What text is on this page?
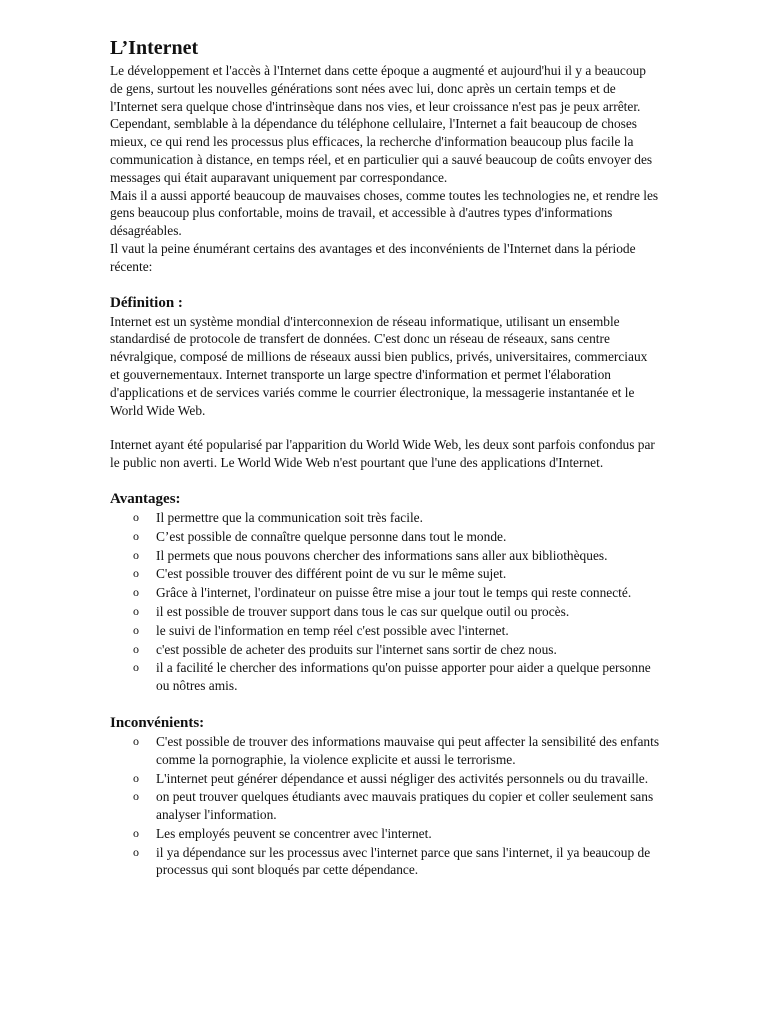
L’Internet

Le développement et l'accès à l'Internet dans cette époque a augmenté et aujourd'hui il y a beaucoup de gens, surtout les nouvelles générations sont nées avec lui, donc après un certain temps et de l'Internet sera quelque chose d'intrinsèque dans nos vies, et leur croissance n'est pas je peux arrêter.

Cependant, semblable à la dépendance du téléphone cellulaire, l'Internet a fait beaucoup de choses mieux, ce qui rend les processus plus efficaces, la recherche d'information beaucoup plus facile la communication à distance, en temps réel, et en particulier qui a sauvé beaucoup de coûts envoyer des messages qui était auparavant uniquement par correspondance.

Mais il a aussi apporté beaucoup de mauvaises choses, comme toutes les technologies ne, et rendre les gens beaucoup plus confortable, moins de travail, et accessible à d'autres types d'informations désagréables.

Il vaut la peine énumérant certains des avantages et des inconvénients de l'Internet dans la période récente:

Définition :

Internet est un système mondial d'interconnexion de réseau informatique, utilisant un ensemble standardisé de protocole de transfert de données. C'est donc un réseau de réseaux, sans centre névralgique, composé de millions de réseaux aussi bien publics, privés, universitaires, commerciaux et gouvernementaux. Internet transporte un large spectre d'information et permet l'élaboration d'applications et de services variés comme le courrier électronique, la messagerie instantanée et le World Wide Web.

Internet ayant été popularisé par l'apparition du World Wide Web, les deux sont parfois confondus par le public non averti. Le World Wide Web n'est pourtant que l'une des applications d'Internet.

Avantages:
o Il permettre que la communication soit très facile.
o C’est possible de connaître quelque personne dans tout le monde.
o Il permets que nous pouvons chercher des informations sans aller aux bibliothèques.
o C'est possible trouver des différent point de vu sur le même sujet.
o Grâce à l'internet, l'ordinateur on puisse être mise a jour tout le temps qui reste connecté.
o il est possible de trouver support dans tous le cas sur quelque outil ou procès.
o le suivi de l'information en temp réel c'est possible avec l'internet.
o c'est possible de acheter des produits sur l'internet sans sortir de chez nous.
o il a facilité le chercher des informations qu'on puisse apporter pour aider a quelque personne ou nôtres amis.
Inconvénients:
o C'est possible de trouver des informations mauvaise qui peut affecter la sensibilité des enfants comme la pornographie, la violence explicite et aussi le terrorisme.
o L'internet peut générer dépendance et aussi négliger des activités personnels ou du travaille.
o on peut trouver quelques étudiants avec mauvais pratiques du copier et coller seulement sans analyser l'information.
o Les employés peuvent se concentrer avec l'internet.
o il ya dépendance sur les processus avec l'internet parce que sans l'internet, il ya beaucoup de processus qui sont bloqués par cette dépendance.
